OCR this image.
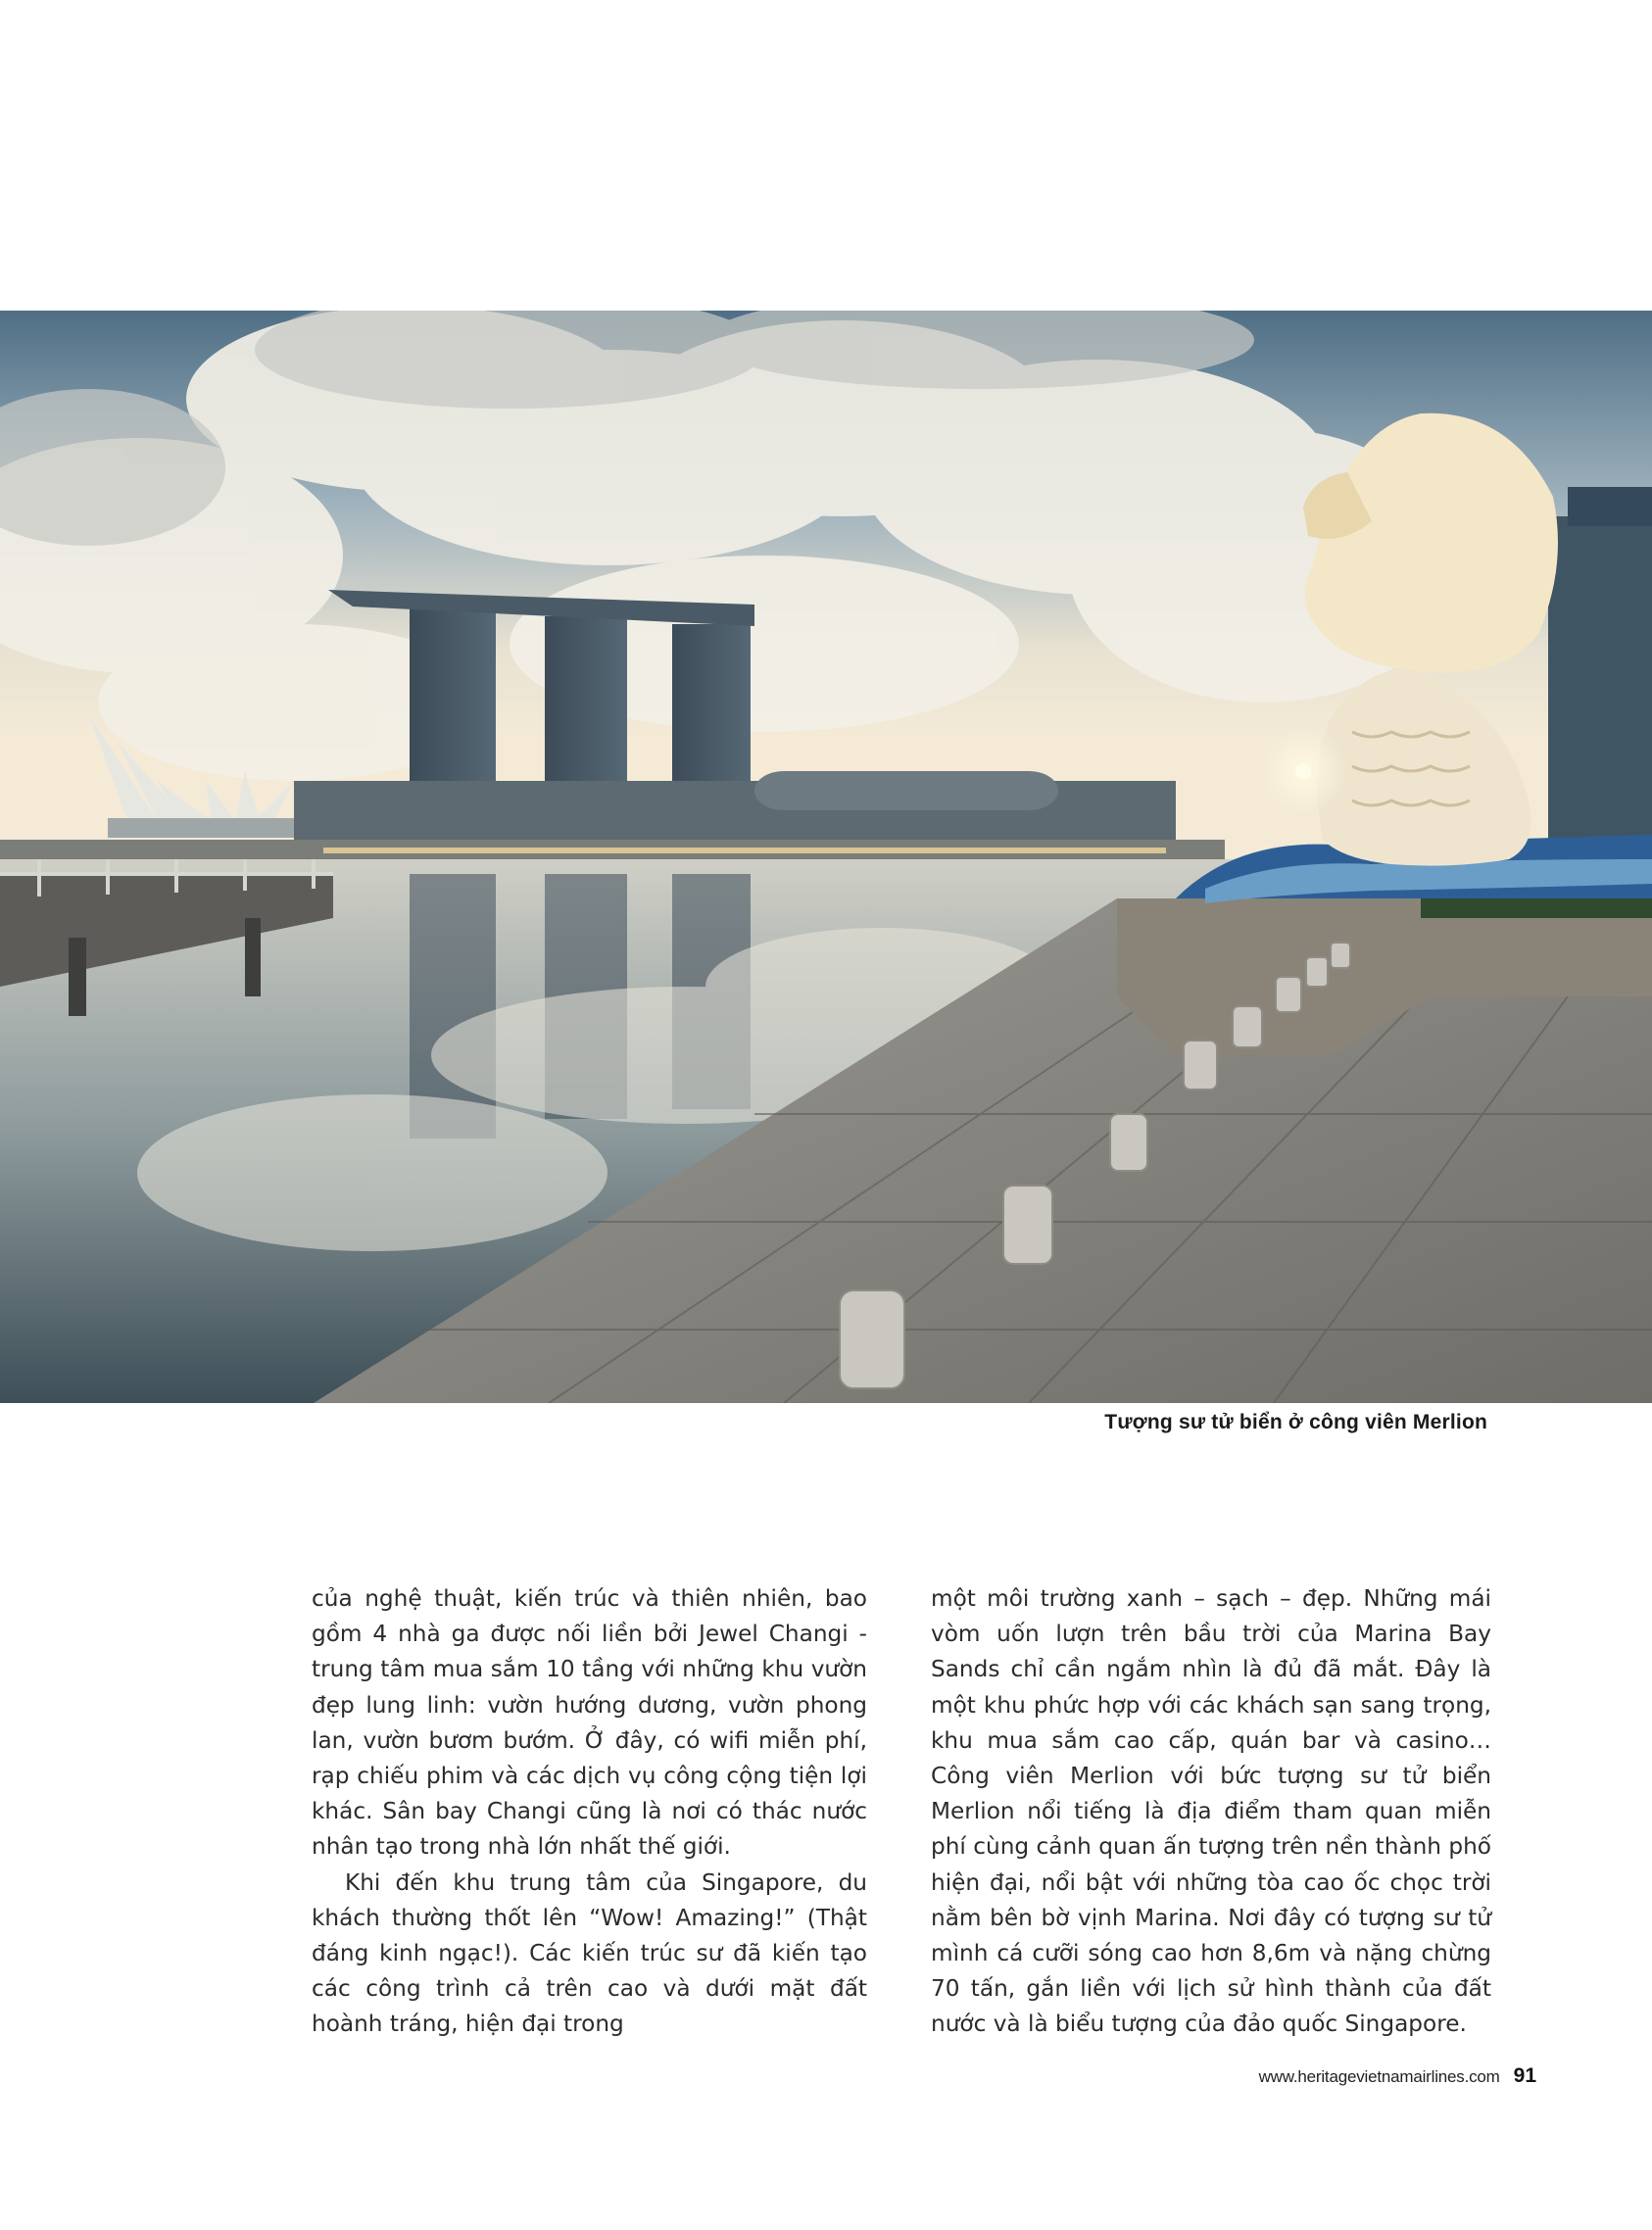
Tượng sư tử biển ở công viên Merlion

của nghệ thuật, kiến trúc và thiên nhiên, bao gồm 4 nhà ga được nối liền bởi Jewel Changi - trung tâm mua sắm 10 tầng với những khu vườn đẹp lung linh: vườn hướng dương, vườn phong lan, vườn bươm bướm. Ở đây, có wifi miễn phí, rạp chiếu phim và các dịch vụ công cộng tiện lợi khác. Sân bay Changi cũng là nơi có thác nước nhân tạo trong nhà lớn nhất thế giới.

Khi đến khu trung tâm của Singapore, du khách thường thốt lên “Wow! Amazing!” (Thật đáng kinh ngạc!). Các kiến trúc sư đã kiến tạo các công trình cả trên cao và dưới mặt đất hoành tráng, hiện đại trong

một môi trường xanh – sạch – đẹp. Những mái vòm uốn lượn trên bầu trời của Marina Bay Sands chỉ cần ngắm nhìn là đủ đã mắt. Đây là một khu phức hợp với các khách sạn sang trọng, khu mua sắm cao cấp, quán bar và casino… Công viên Merlion với bức tượng sư tử biển Merlion nổi tiếng là địa điểm tham quan miễn phí cùng cảnh quan ấn tượng trên nền thành phố hiện đại, nổi bật với những tòa cao ốc chọc trời nằm bên bờ vịnh Marina. Nơi đây có tượng sư tử mình cá cưỡi sóng cao hơn 8,6m và nặng chừng 70 tấn, gắn liền với lịch sử hình thành của đất nước và là biểu tượng của đảo quốc Singapore.

www.heritagevietnamairlines.com 91
